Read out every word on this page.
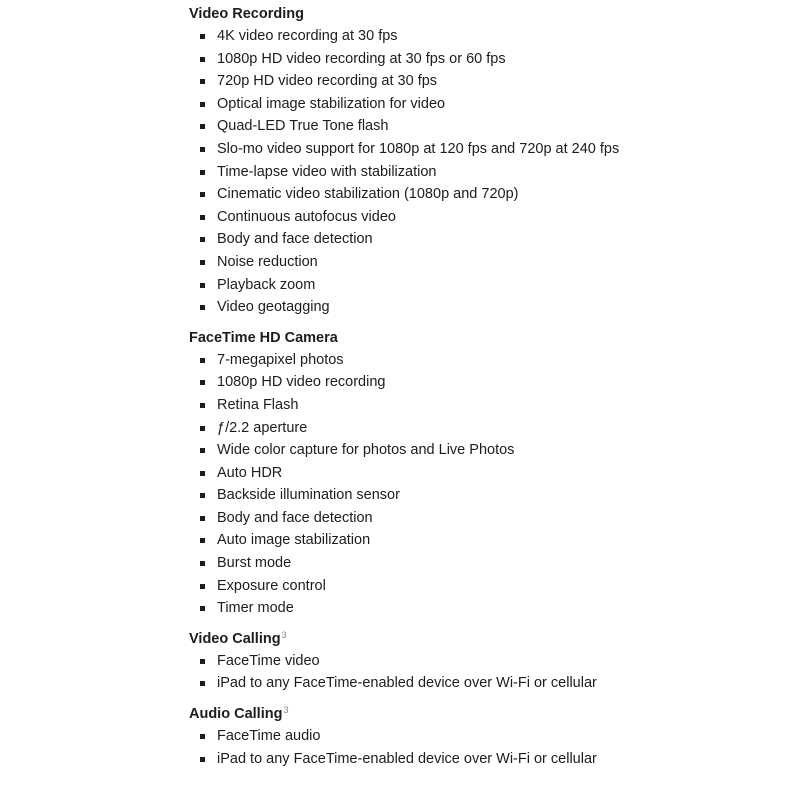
Video Recording
4K video recording at 30 fps
1080p HD video recording at 30 fps or 60 fps
720p HD video recording at 30 fps
Optical image stabilization for video
Quad-LED True Tone flash
Slo-mo video support for 1080p at 120 fps and 720p at 240 fps
Time-lapse video with stabilization
Cinematic video stabilization (1080p and 720p)
Continuous autofocus video
Body and face detection
Noise reduction
Playback zoom
Video geotagging
FaceTime HD Camera
7-megapixel photos
1080p HD video recording
Retina Flash
ƒ/2.2 aperture
Wide color capture for photos and Live Photos
Auto HDR
Backside illumination sensor
Body and face detection
Auto image stabilization
Burst mode
Exposure control
Timer mode
Video Calling$^3$
FaceTime video
iPad to any FaceTime-enabled device over Wi-Fi or cellular
Audio Calling$^3$
FaceTime audio
iPad to any FaceTime-enabled device over Wi-Fi or cellular
